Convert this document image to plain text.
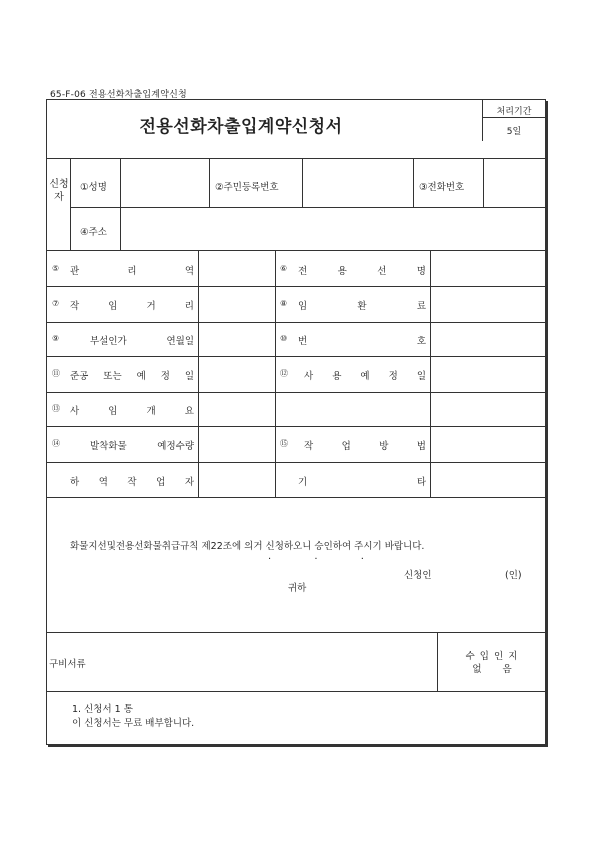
65-F-06 전용선화차출입계약신청
전용선화차출입계약신청서
처리기간
5일
신청자
①성명	②주민등록번호	③전화번호
④주소
⑤	관 리 역	⑥	전 용 선 명
⑦	작 임 거 리	⑧	임 환 료
⑨	부설인가 연월일	⑩	번 호
⑪	준공 또는 예 정 일	⑫	사 용 예 정 일
⑬	사 임 개 요
⑭	발착화물 예정수량	⑮	작 업 방 법
하 역 작 업 자	기 타
화물지선및전용선화물취급규칙 제22조에 의거 신청하오니 승인하여 주시기 바랍니다.
· · ·
신청인	(인)
귀하
구비서류
수 입 인 지
없 음
1. 신청서 1 통
이 신청서는 무료 배부합니다.
